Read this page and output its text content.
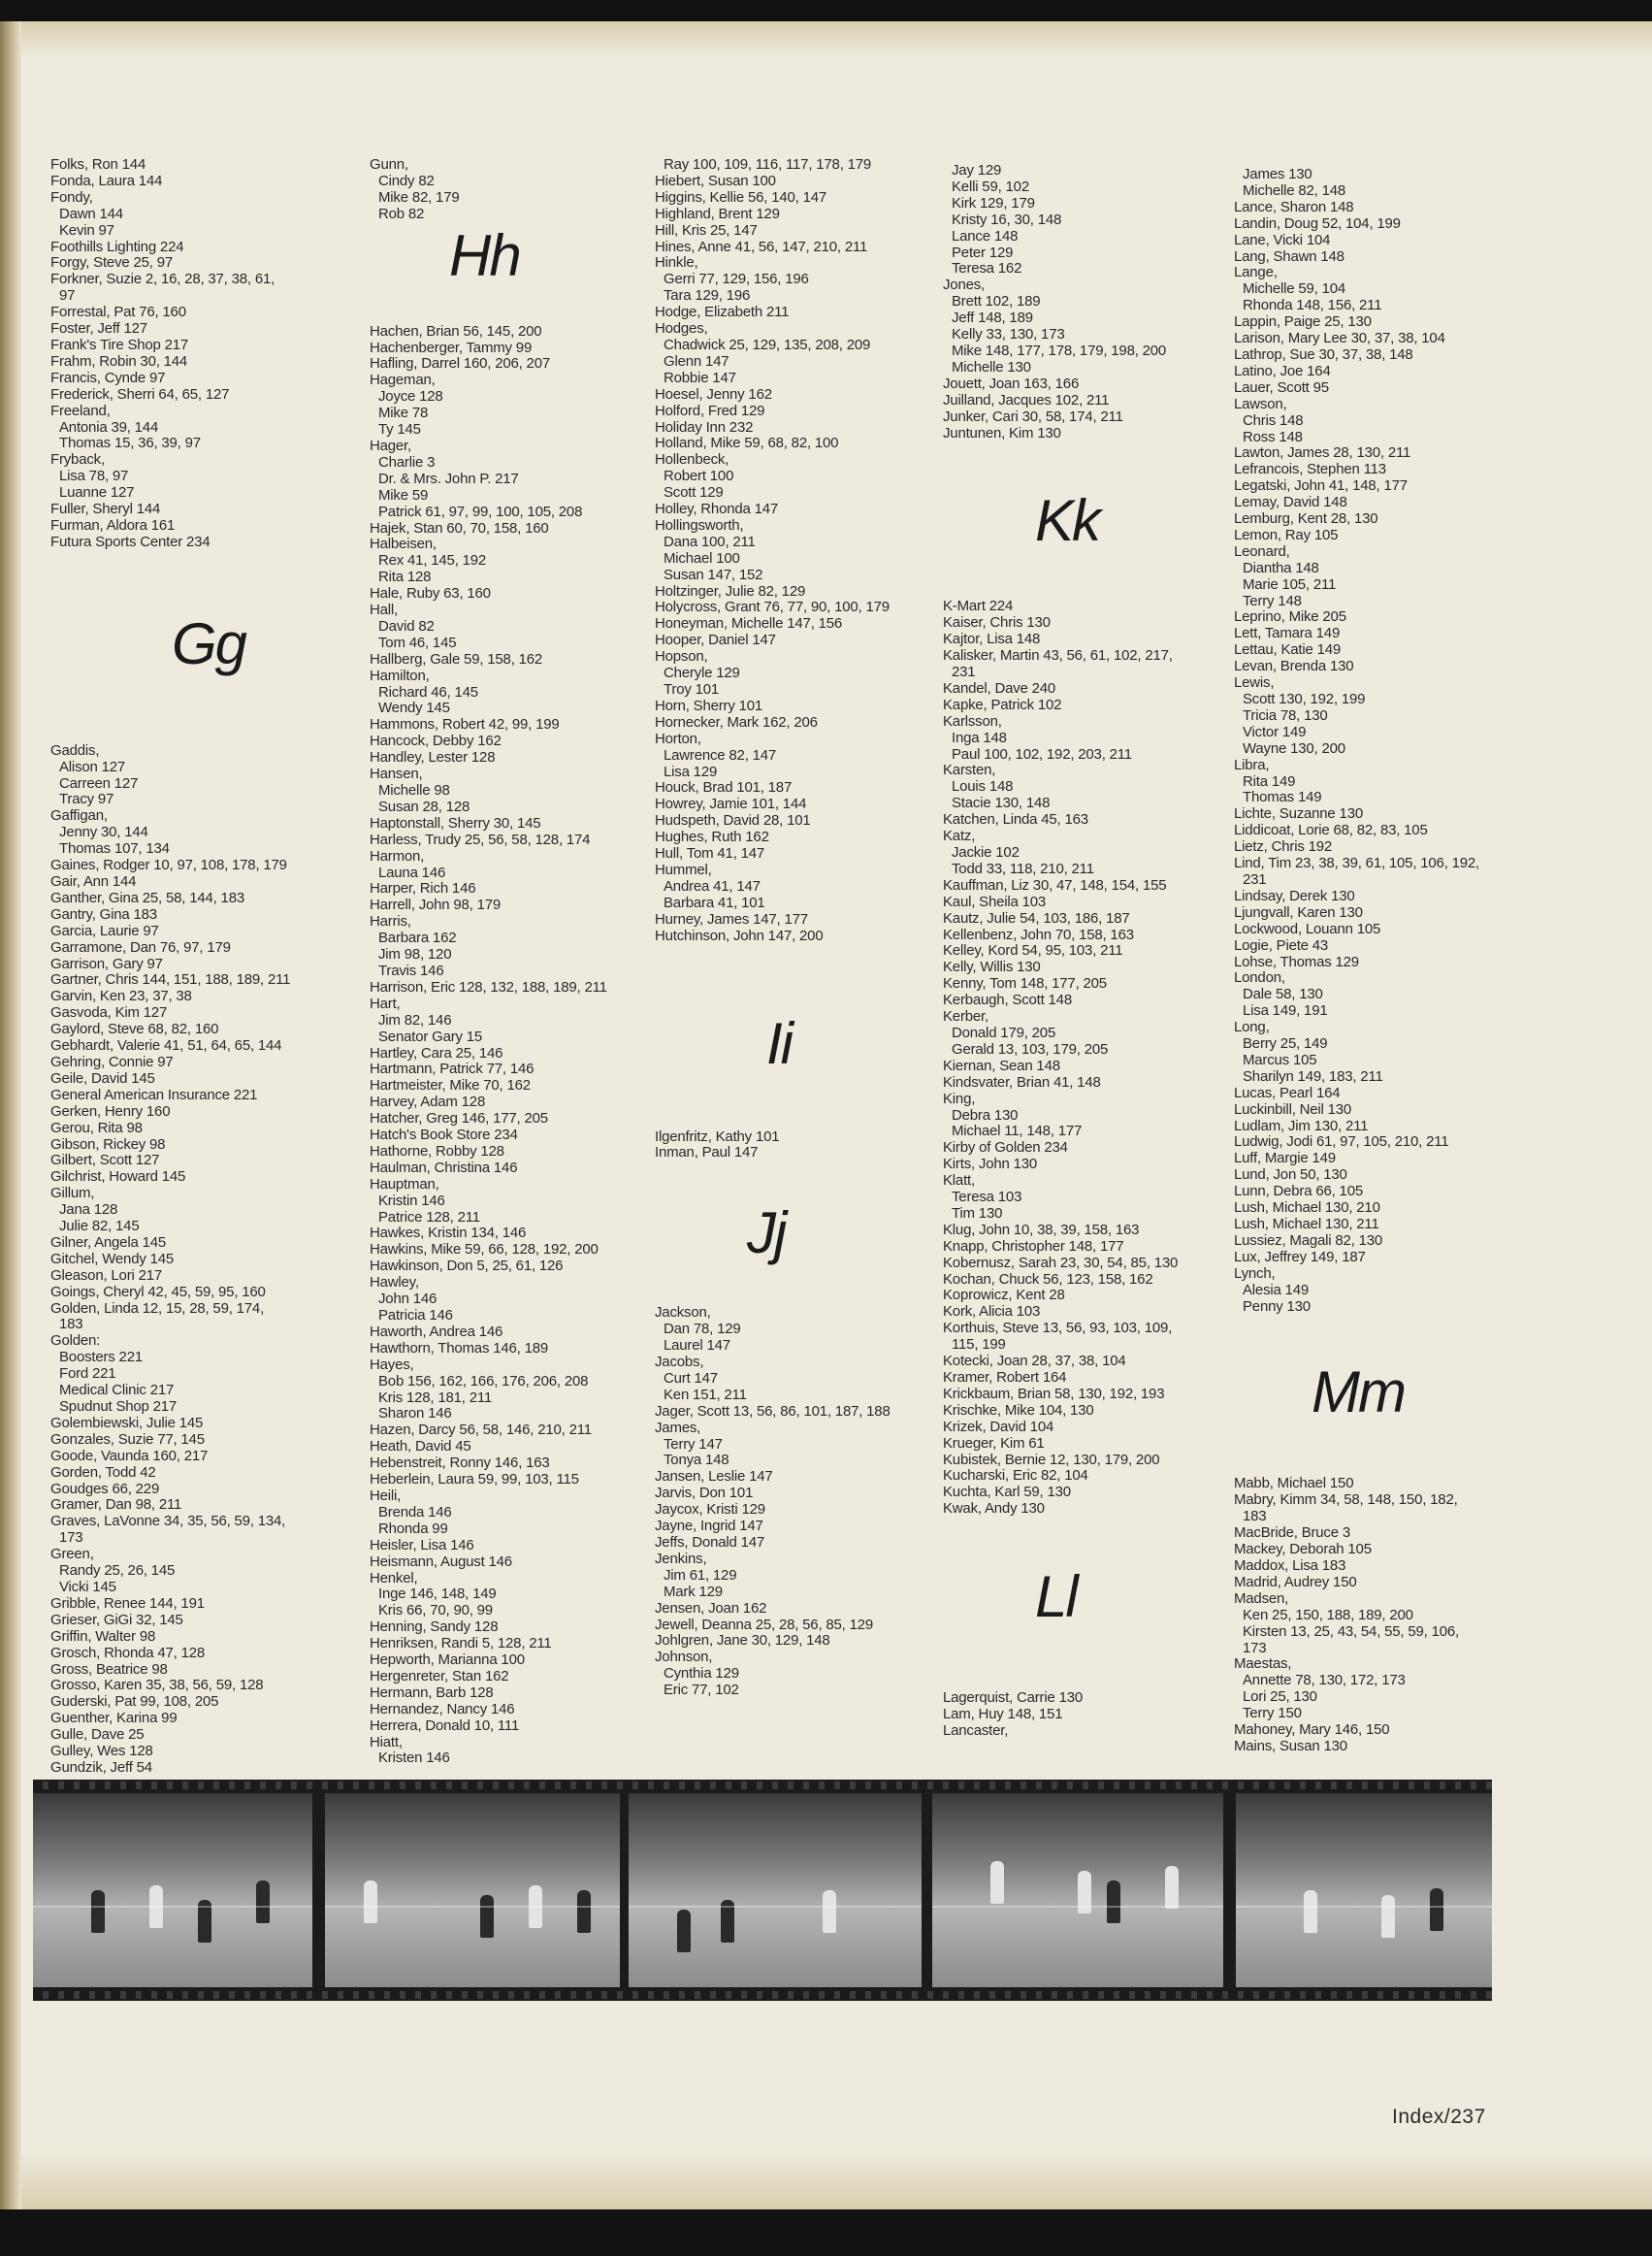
Folks, Ron 144
Fonda, Laura 144
Fondy,
Dawn 144
Kevin 97
Foothills Lighting 224
Forgy, Steve 25, 97
Forkner, Suzie 2, 16, 28, 37, 38, 61,
97
Forrestal, Pat 76, 160
Foster, Jeff 127
Frank's Tire Shop 217
Frahm, Robin 30, 144
Francis, Cynde 97
Frederick, Sherri 64, 65, 127
Freeland,
Antonia 39, 144
Thomas 15, 36, 39, 97
Fryback,
Lisa 78, 97
Luanne 127
Fuller, Sheryl 144
Furman, Aldora 161
Futura Sports Center 234
Gg
Gaddis,
Alison 127
Carreen 127
Tracy 97
Gaffigan,
Jenny 30, 144
Thomas 107, 134
Gaines, Rodger 10, 97, 108, 178, 179
Gair, Ann 144
Ganther, Gina 25, 58, 144, 183
Gantry, Gina 183
Garcia, Laurie 97
Garramone, Dan 76, 97, 179
Garrison, Gary 97
Gartner, Chris 144, 151, 188, 189, 211
Garvin, Ken 23, 37, 38
Gasvoda, Kim 127
Gaylord, Steve 68, 82, 160
Gebhardt, Valerie 41, 51, 64, 65, 144
Gehring, Connie 97
Geile, David 145
General American Insurance 221
Gerken, Henry 160
Gerou, Rita 98
Gibson, Rickey 98
Gilbert, Scott 127
Gilchrist, Howard 145
Gillum,
Jana 128
Julie 82, 145
Gilner, Angela 145
Gitchel, Wendy 145
Gleason, Lori 217
Goings, Cheryl 42, 45, 59, 95, 160
Golden, Linda 12, 15, 28, 59, 174,
183
Golden:
Boosters 221
Ford 221
Medical Clinic 217
Spudnut Shop 217
Golembiewski, Julie 145
Gonzales, Suzie 77, 145
Goode, Vaunda 160, 217
Gorden, Todd 42
Goudges 66, 229
Gramer, Dan 98, 211
Graves, LaVonne 34, 35, 56, 59, 134,
173
Green,
Randy 25, 26, 145
Vicki 145
Gribble, Renee 144, 191
Grieser, GiGi 32, 145
Griffin, Walter 98
Grosch, Rhonda 47, 128
Gross, Beatrice 98
Grosso, Karen 35, 38, 56, 59, 128
Guderski, Pat 99, 108, 205
Guenther, Karina 99
Gulle, Dave 25
Gulley, Wes 128
Gundzik, Jeff 54
Gunn,
Cindy 82
Mike 82, 179
Rob 82
Hh
Hachen, Brian 56, 145, 200
Hachenberger, Tammy 99
Hafling, Darrel 160, 206, 207
Hageman,
Joyce 128
Mike 78
Ty 145
Hager,
Charlie 3
Dr. & Mrs. John P. 217
Mike 59
Patrick 61, 97, 99, 100, 105, 208
Hajek, Stan 60, 70, 158, 160
Halbeisen,
Rex 41, 145, 192
Rita 128
Hale, Ruby 63, 160
Hall,
David 82
Tom 46, 145
Hallberg, Gale 59, 158, 162
Hamilton,
Richard 46, 145
Wendy 145
Hammons, Robert 42, 99, 199
Hancock, Debby 162
Handley, Lester 128
Hansen,
Michelle 98
Susan 28, 128
Haptonstall, Sherry 30, 145
Harless, Trudy 25, 56, 58, 128, 174
Harmon,
Launa 146
Harper, Rich 146
Harrell, John 98, 179
Harris,
Barbara 162
Jim 98, 120
Travis 146
Harrison, Eric 128, 132, 188, 189, 211
Hart,
Jim 82, 146
Senator Gary 15
Hartley, Cara 25, 146
Hartmann, Patrick 77, 146
Hartmeister, Mike 70, 162
Harvey, Adam 128
Hatcher, Greg 146, 177, 205
Hatch's Book Store 234
Hathorne, Robby 128
Haulman, Christina 146
Hauptman,
Kristin 146
Patrice 128, 211
Hawkes, Kristin 134, 146
Hawkins, Mike 59, 66, 128, 192, 200
Hawkinson, Don 5, 25, 61, 126
Hawley,
John 146
Patricia 146
Haworth, Andrea 146
Hawthorn, Thomas 146, 189
Hayes,
Bob 156, 162, 166, 176, 206, 208
Kris 128, 181, 211
Sharon 146
Hazen, Darcy 56, 58, 146, 210, 211
Heath, David 45
Hebenstreit, Ronny 146, 163
Heberlein, Laura 59, 99, 103, 115
Heili,
Brenda 146
Rhonda 99
Heisler, Lisa 146
Heismann, August 146
Henkel,
Inge 146, 148, 149
Kris 66, 70, 90, 99
Henning, Sandy 128
Henriksen, Randi 5, 128, 211
Hepworth, Marianna 100
Hergenreter, Stan 162
Hermann, Barb 128
Hernandez, Nancy 146
Herrera, Donald 10, 111
Hiatt,
Kristen 146
Ray 100, 109, 116, 117, 178, 179
Hiebert, Susan 100
Higgins, Kellie 56, 140, 147
Highland, Brent 129
Hill, Kris 25, 147
Hines, Anne 41, 56, 147, 210, 211
Hinkle,
Gerri 77, 129, 156, 196
Tara 129, 196
Hodge, Elizabeth 211
Hodges,
Chadwick 25, 129, 135, 208, 209
Glenn 147
Robbie 147
Hoesel, Jenny 162
Holford, Fred 129
Holiday Inn 232
Holland, Mike 59, 68, 82, 100
Hollenbeck,
Robert 100
Scott 129
Holley, Rhonda 147
Hollingsworth,
Dana 100, 211
Michael 100
Susan 147, 152
Holtzinger, Julie 82, 129
Holycross, Grant 76, 77, 90, 100, 179
Honeyman, Michelle 147, 156
Hooper, Daniel 147
Hopson,
Cheryle 129
Troy 101
Horn, Sherry 101
Hornecker, Mark 162, 206
Horton,
Lawrence 82, 147
Lisa 129
Houck, Brad 101, 187
Howrey, Jamie 101, 144
Hudspeth, David 28, 101
Hughes, Ruth 162
Hull, Tom 41, 147
Hummel,
Andrea 41, 147
Barbara 41, 101
Hurney, James 147, 177
Hutchinson, John 147, 200
Ii
Ilgenfritz, Kathy 101
Inman, Paul 147
Jj
Jackson,
Dan 78, 129
Laurel 147
Jacobs,
Curt 147
Ken 151, 211
Jager, Scott 13, 56, 86, 101, 187, 188
James,
Terry 147
Tonya 148
Jansen, Leslie 147
Jarvis, Don 101
Jaycox, Kristi 129
Jayne, Ingrid 147
Jeffs, Donald 147
Jenkins,
Jim 61, 129
Mark 129
Jensen, Joan 162
Jewell, Deanna 25, 28, 56, 85, 129
Johlgren, Jane 30, 129, 148
Johnson,
Cynthia 129
Eric 77, 102
Jay 129
Kelli 59, 102
Kirk 129, 179
Kristy 16, 30, 148
Lance 148
Peter 129
Teresa 162
Jones,
Brett 102, 189
Jeff 148, 189
Kelly 33, 130, 173
Mike 148, 177, 178, 179, 198, 200
Michelle 130
Jouett, Joan 163, 166
Juilland, Jacques 102, 211
Junker, Cari 30, 58, 174, 211
Juntunen, Kim 130
Kk
K-Mart 224
Kaiser, Chris 130
Kajtor, Lisa 148
Kalisker, Martin 43, 56, 61, 102, 217,
231
Kandel, Dave 240
Kapke, Patrick 102
Karlsson,
Inga 148
Paul 100, 102, 192, 203, 211
Karsten,
Louis 148
Stacie 130, 148
Katchen, Linda 45, 163
Katz,
Jackie 102
Todd 33, 118, 210, 211
Kauffman, Liz 30, 47, 148, 154, 155
Kaul, Sheila 103
Kautz, Julie 54, 103, 186, 187
Kellenbenz, John 70, 158, 163
Kelley, Kord 54, 95, 103, 211
Kelly, Willis 130
Kenny, Tom 148, 177, 205
Kerbaugh, Scott 148
Kerber,
Donald 179, 205
Gerald 13, 103, 179, 205
Kiernan, Sean 148
Kindsvater, Brian 41, 148
King,
Debra 130
Michael 11, 148, 177
Kirby of Golden 234
Kirts, John 130
Klatt,
Teresa 103
Tim 130
Klug, John 10, 38, 39, 158, 163
Knapp, Christopher 148, 177
Kobernusz, Sarah 23, 30, 54, 85, 130
Kochan, Chuck 56, 123, 158, 162
Koprowicz, Kent 28
Kork, Alicia 103
Korthuis, Steve 13, 56, 93, 103, 109,
115, 199
Kotecki, Joan 28, 37, 38, 104
Kramer, Robert 164
Krickbaum, Brian 58, 130, 192, 193
Krischke, Mike 104, 130
Krizek, David 104
Krueger, Kim 61
Kubistek, Bernie 12, 130, 179, 200
Kucharski, Eric 82, 104
Kuchta, Karl 59, 130
Kwak, Andy 130
Ll
Lagerquist, Carrie 130
Lam, Huy 148, 151
Lancaster,
James 130
Michelle 82, 148
Lance, Sharon 148
Landin, Doug 52, 104, 199
Lane, Vicki 104
Lang, Shawn 148
Lange,
Michelle 59, 104
Rhonda 148, 156, 211
Lappin, Paige 25, 130
Larison, Mary Lee 30, 37, 38, 104
Lathrop, Sue 30, 37, 38, 148
Latino, Joe 164
Lauer, Scott 95
Lawson,
Chris 148
Ross 148
Lawton, James 28, 130, 211
Lefrancois, Stephen 113
Legatski, John 41, 148, 177
Lemay, David 148
Lemburg, Kent 28, 130
Lemon, Ray 105
Leonard,
Diantha 148
Marie 105, 211
Terry 148
Leprino, Mike 205
Lett, Tamara 149
Lettau, Katie 149
Levan, Brenda 130
Lewis,
Scott 130, 192, 199
Tricia 78, 130
Victor 149
Wayne 130, 200
Libra,
Rita 149
Thomas 149
Lichte, Suzanne 130
Liddicoat, Lorie 68, 82, 83, 105
Lietz, Chris 192
Lind, Tim 23, 38, 39, 61, 105, 106, 192,
231
Lindsay, Derek 130
Ljungvall, Karen 130
Lockwood, Louann 105
Logie, Piete 43
Lohse, Thomas 129
London,
Dale 58, 130
Lisa 149, 191
Long,
Berry 25, 149
Marcus 105
Sharilyn 149, 183, 211
Lucas, Pearl 164
Luckinbill, Neil 130
Ludlam, Jim 130, 211
Ludwig, Jodi 61, 97, 105, 210, 211
Luff, Margie 149
Lund, Jon 50, 130
Lunn, Debra 66, 105
Lush, Michael 130, 210
Lush, Michael 130, 211
Lussiez, Magali 82, 130
Lux, Jeffrey 149, 187
Lynch,
Alesia 149
Penny 130
Mm
Mabb, Michael 150
Mabry, Kimm 34, 58, 148, 150, 182,
183
MacBride, Bruce 3
Mackey, Deborah 105
Maddox, Lisa 183
Madrid, Audrey 150
Madsen,
Ken 25, 150, 188, 189, 200
Kirsten 13, 25, 43, 54, 55, 59, 106,
173
Maestas,
Annette 78, 130, 172, 173
Lori 25, 130
Terry 150
Mahoney, Mary 146, 150
Mains, Susan 130
Index/237
